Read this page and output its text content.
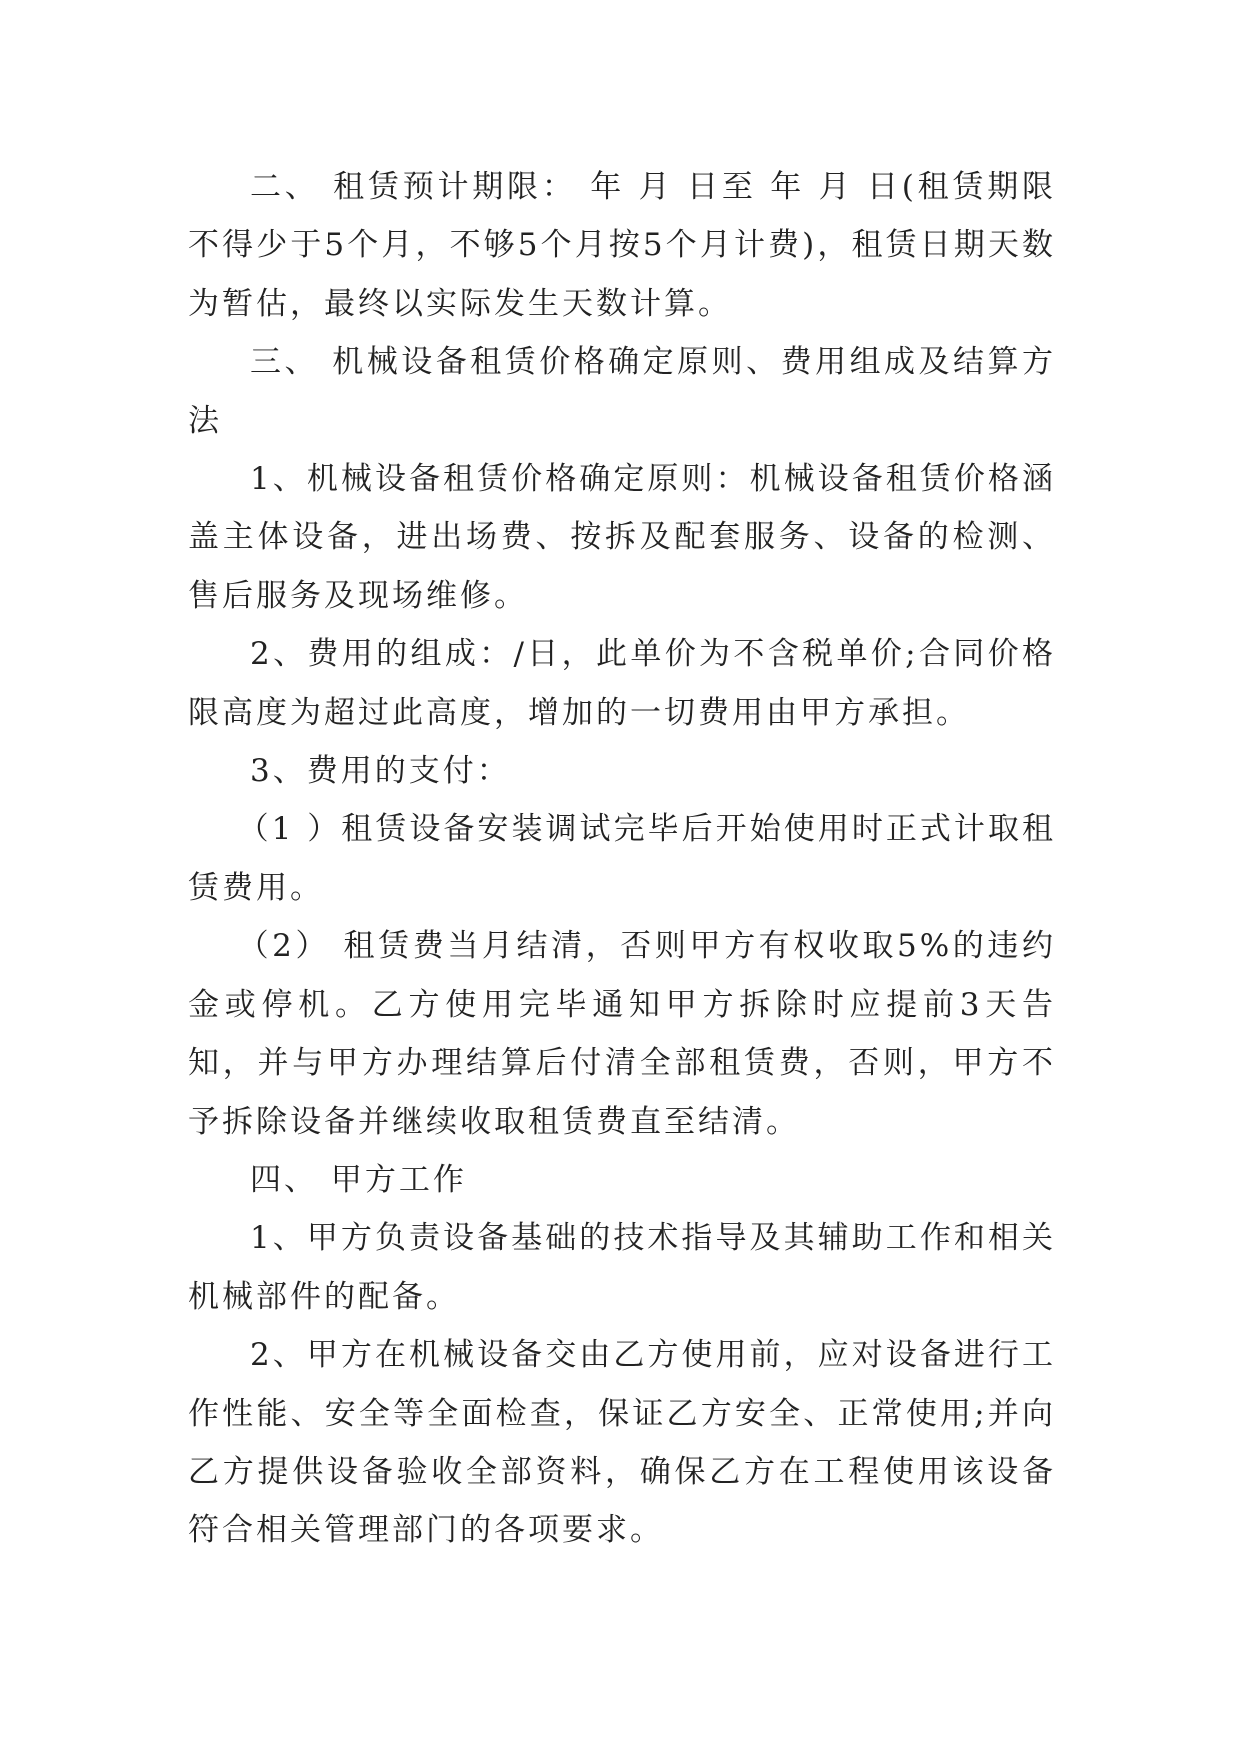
二、 租赁预计期限： 年 月 日至 年 月 日(租赁期限不得少于5个月，不够5个月按5个月计费)，租赁日期天数为暂估，最终以实际发生天数计算。

三、 机械设备租赁价格确定原则、费用组成及结算方法

1、机械设备租赁价格确定原则：机械设备租赁价格涵盖主体设备，进出场费、按拆及配套服务、设备的检测、售后服务及现场维修。

2、费用的组成：/日，此单价为不含税单价;合同价格限高度为超过此高度，增加的一切费用由甲方承担。

3、费用的支付：

（1 ）租赁设备安装调试完毕后开始使用时正式计取租赁费用。

（2） 租赁费当月结清，否则甲方有权收取5%的违约金或停机。乙方使用完毕通知甲方拆除时应提前3天告知，并与甲方办理结算后付清全部租赁费，否则，甲方不予拆除设备并继续收取租赁费直至结清。

四、 甲方工作

1、甲方负责设备基础的技术指导及其辅助工作和相关机械部件的配备。

2、甲方在机械设备交由乙方使用前，应对设备进行工作性能、安全等全面检查，保证乙方安全、正常使用;并向乙方提供设备验收全部资料，确保乙方在工程使用该设备符合相关管理部门的各项要求。
